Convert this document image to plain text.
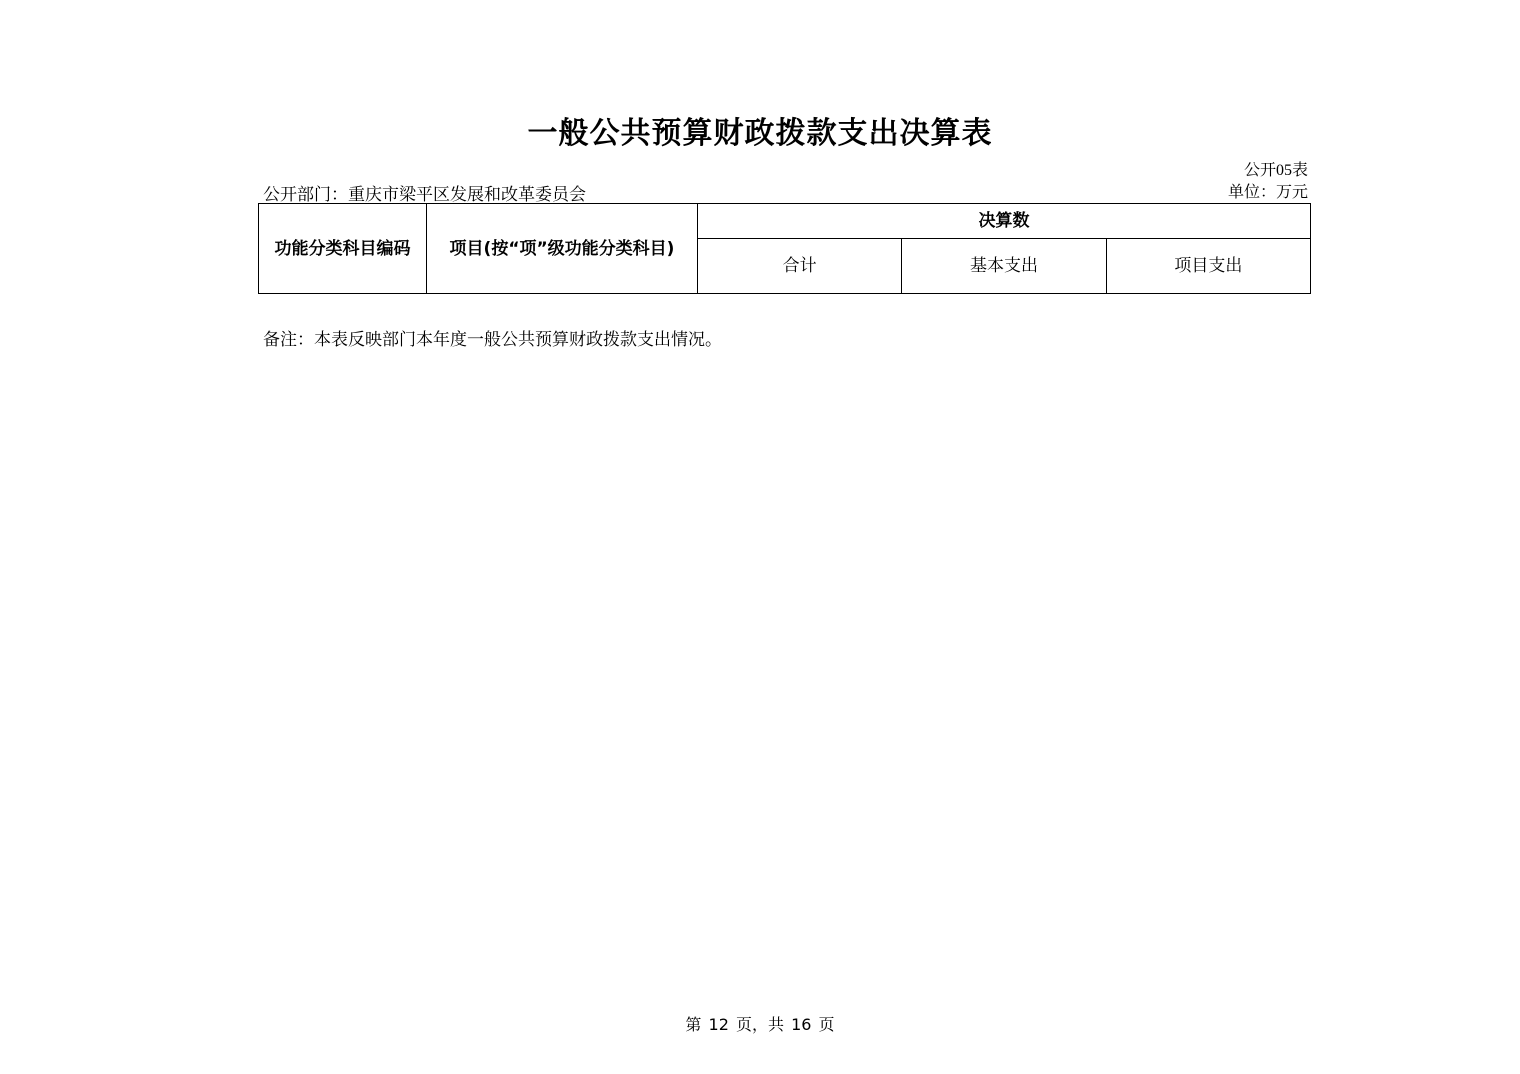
一般公共预算财政拨款支出决算表
公开05表
单位：万元
公开部门：重庆市梁平区发展和改革委员会
功能分类科目编码	项目(按“项”级功能分类科目)	决算数		
		合计	基本支出	项目支出
备注：本表反映部门本年度一般公共预算财政拨款支出情况。
第 12 页，共 16 页
